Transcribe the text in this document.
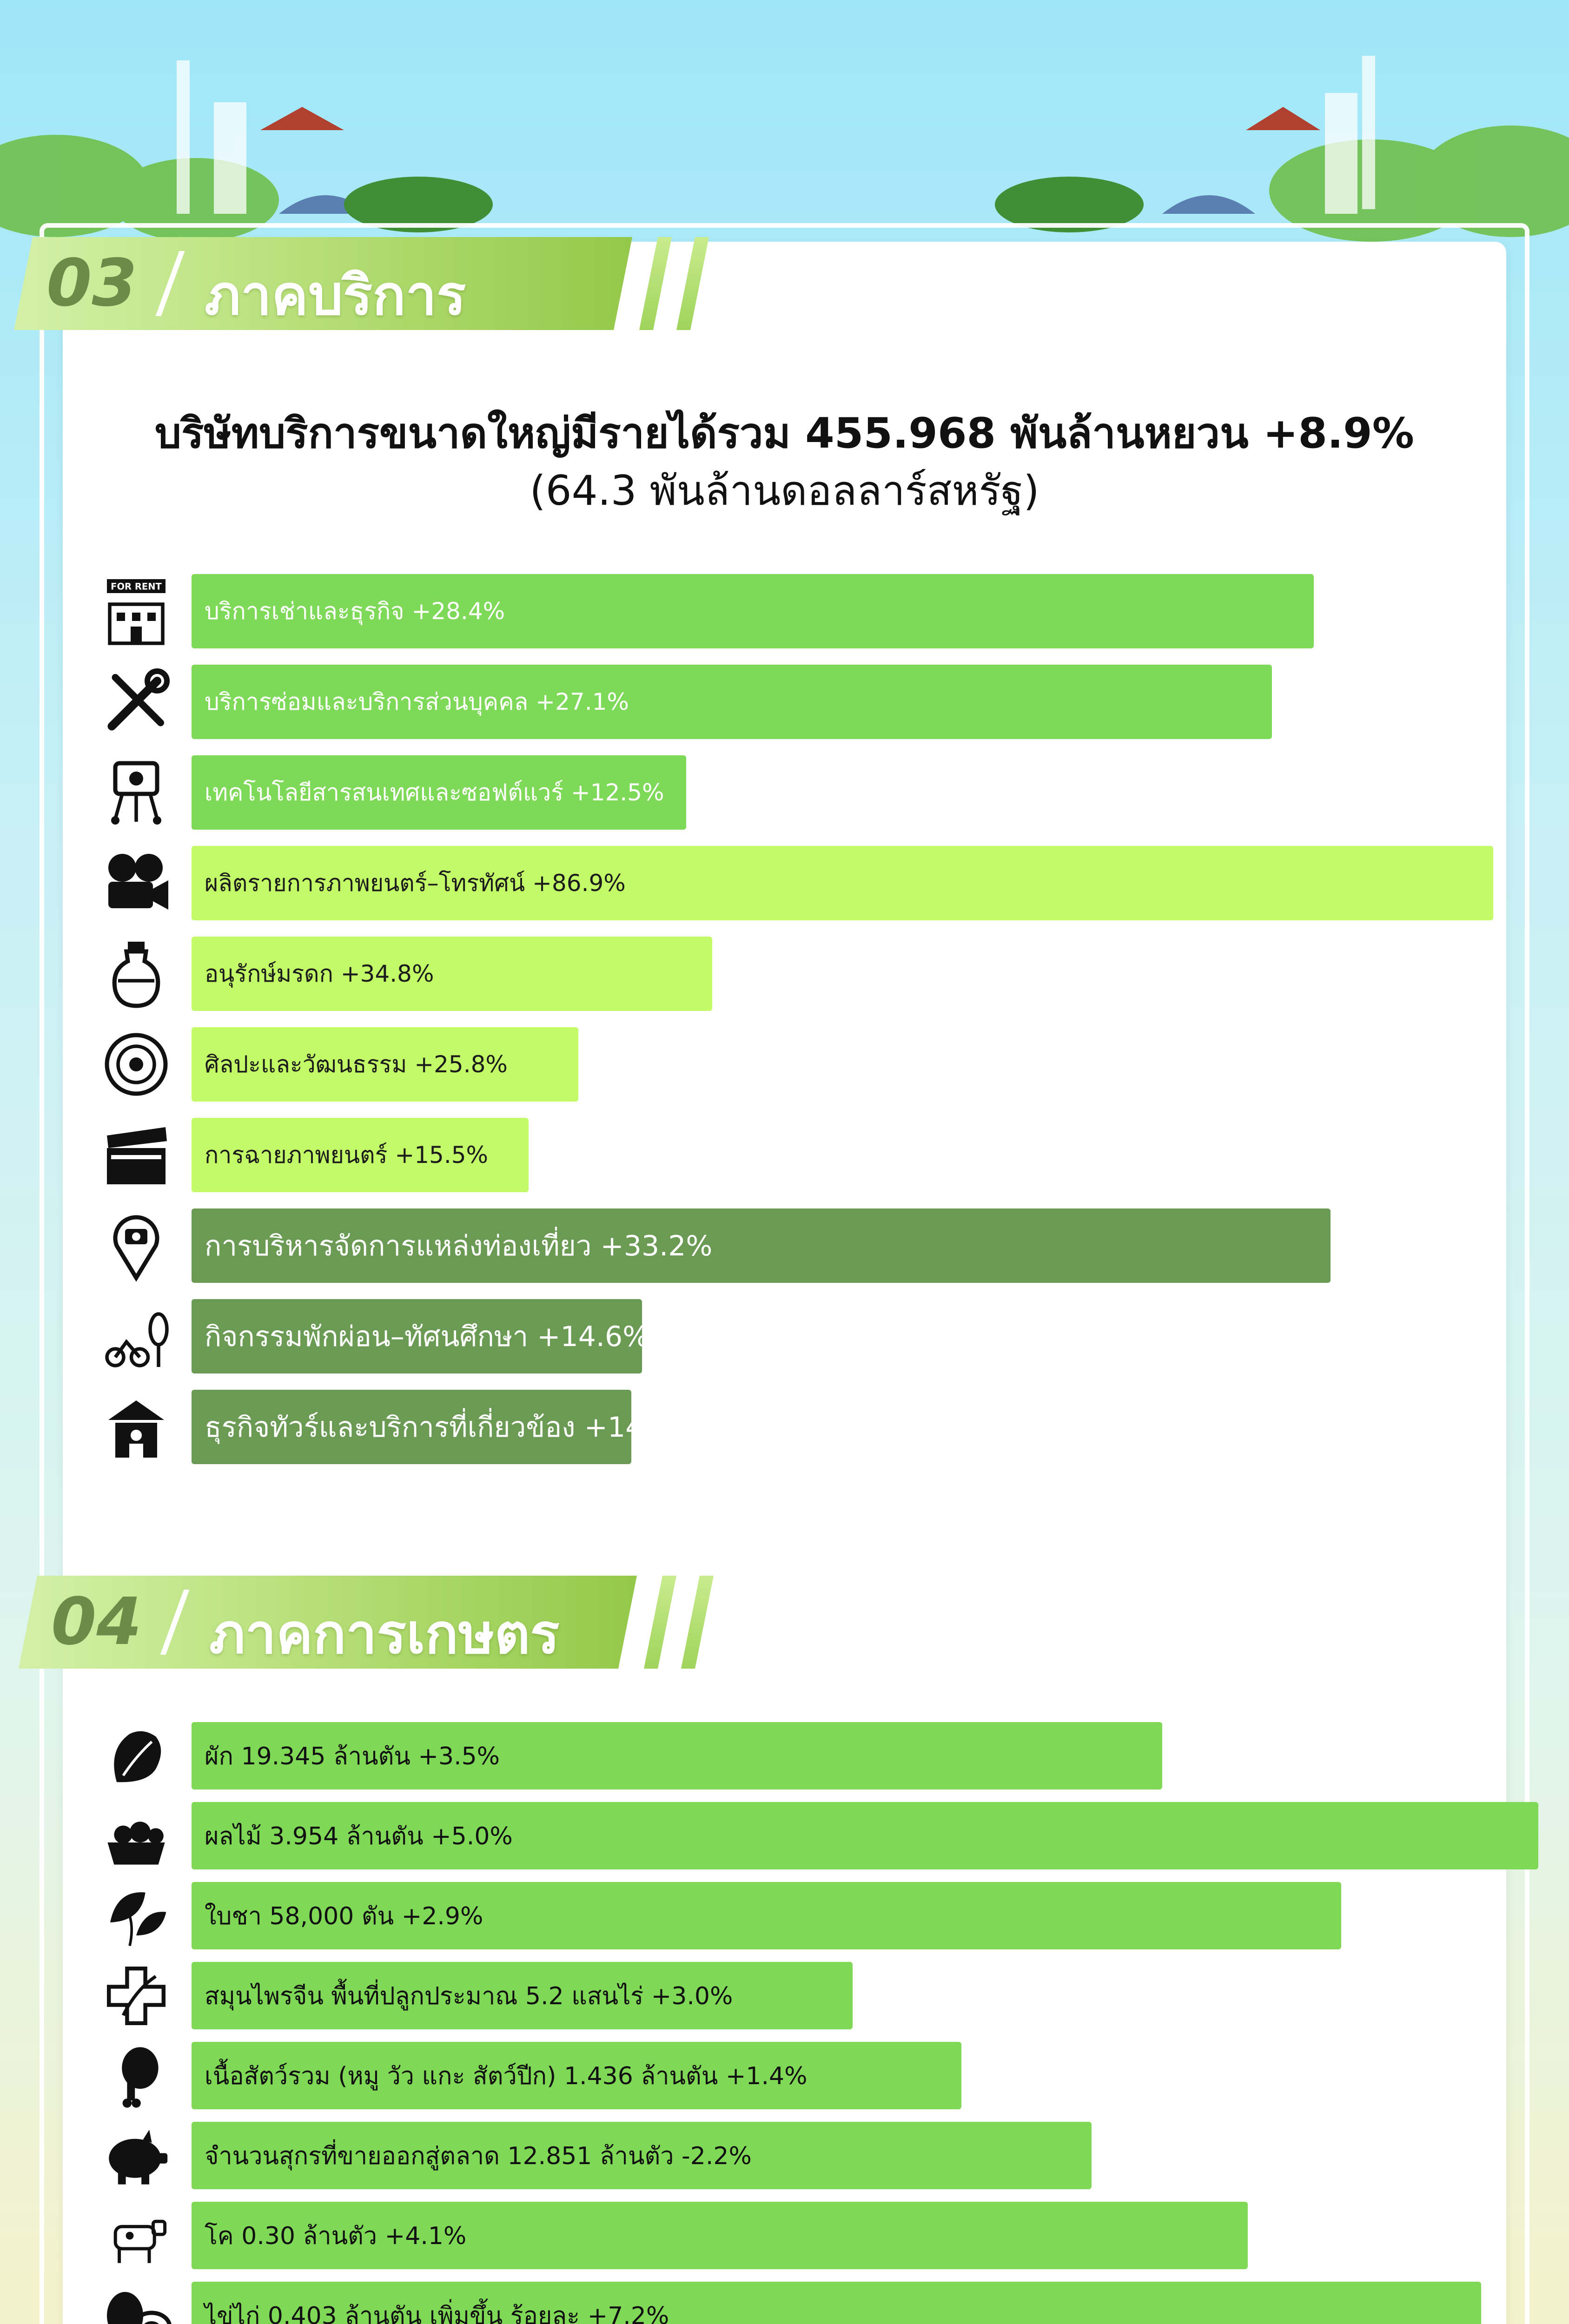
03 ภาคบริการ
บริษัทบริการขนาดใหญ่มีรายได้รวม 455.968 พันล้านหยวน +8.9%
(64.3 พันล้านดอลลาร์สหรัฐ)
FOR RENT
บริการเช่าและธุรกิจ +28.4%
บริการซ่อมและบริการส่วนบุคคล +27.1%
เทคโนโลยีสารสนเทศและซอฟต์แวร์ +12.5%
ผลิตรายการภาพยนตร์–โทรทัศน์ +86.9%
อนุรักษ์มรดก +34.8%
ศิลปะและวัฒนธรรม +25.8%
การฉายภาพยนตร์ +15.5%
การบริหารจัดการแหล่งท่องเที่ยว +33.2%
กิจกรรมพักผ่อน–ทัศนศึกษา +14.6%
ธุรกิจทัวร์และบริการที่เกี่ยวข้อง +14.1%
04 ภาคการเกษตร
ผัก 19.345 ล้านตัน +3.5%
ผลไม้ 3.954 ล้านตัน +5.0%
ใบชา 58,000 ตัน +2.9%
สมุนไพรจีน พื้นที่ปลูกประมาณ 5.2 แสนไร่ +3.0%
เนื้อสัตว์รวม (หมู วัว แกะ สัตว์ปีก) 1.436 ล้านตัน +1.4%
จำนวนสุกรที่ขายออกสู่ตลาด 12.851 ล้านตัว -2.2%
โค 0.30 ล้านตัว +4.1%
ไข่ไก่ 0.403 ล้านตัน เพิ่มขึ้น ร้อยละ +7.2%
